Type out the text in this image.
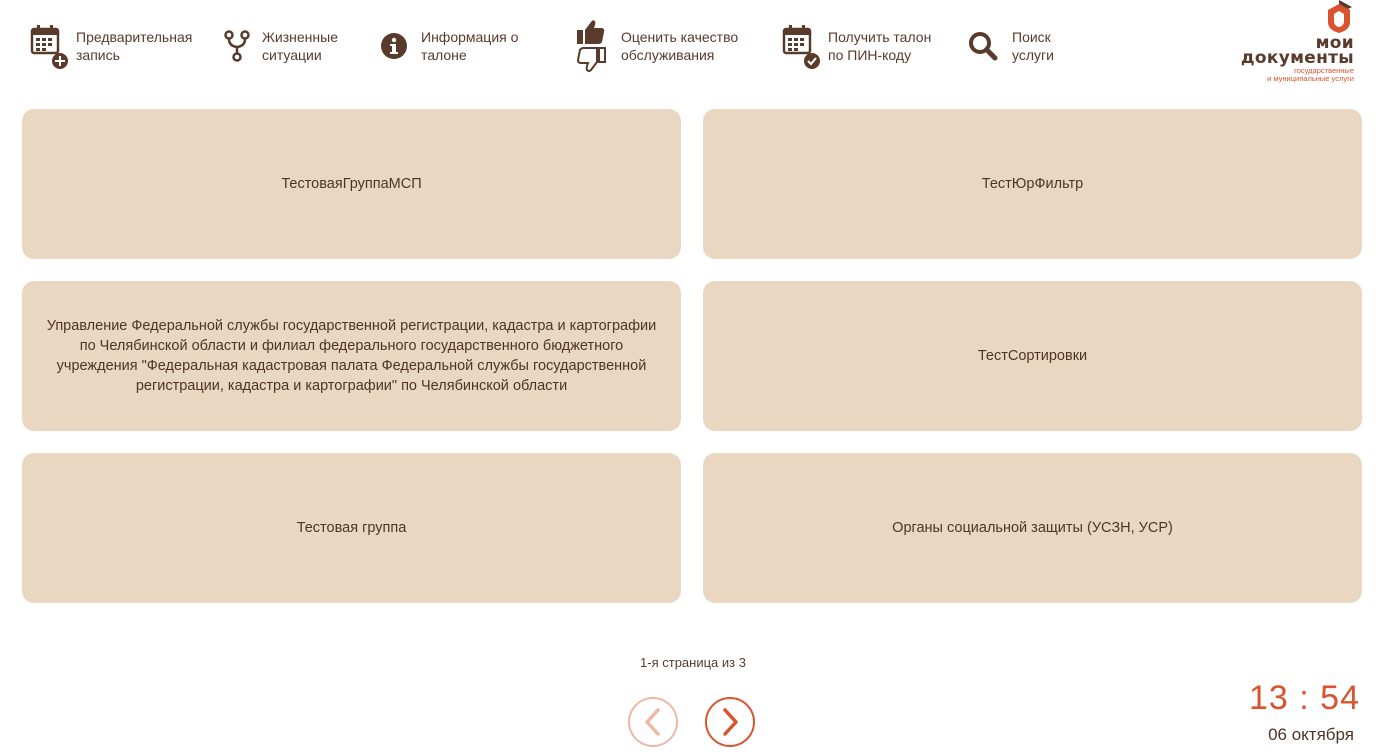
Предварительная
запись
Жизненные
ситуации
Информация о
талоне
Оценить качество
обслуживания
Получить талон
по ПИН-коду
Поиск
услуги
мои
документы
государственные
и муниципальные услуги
ТестоваяГруппаМСП	ТестЮрФильтр
Управление Федеральной службы государственной регистрации, кадастра и картографии по Челябинской области и филиал федерального государственного бюджетного учреждения "Федеральная кадастровая палата Федеральной службы государственной регистрации, кадастра и картографии" по Челябинской области
ТестСортировки
Тестовая группа	Органы социальной защиты (УСЗН, УСР)
1-я страница из 3
13 : 54
06 октября
